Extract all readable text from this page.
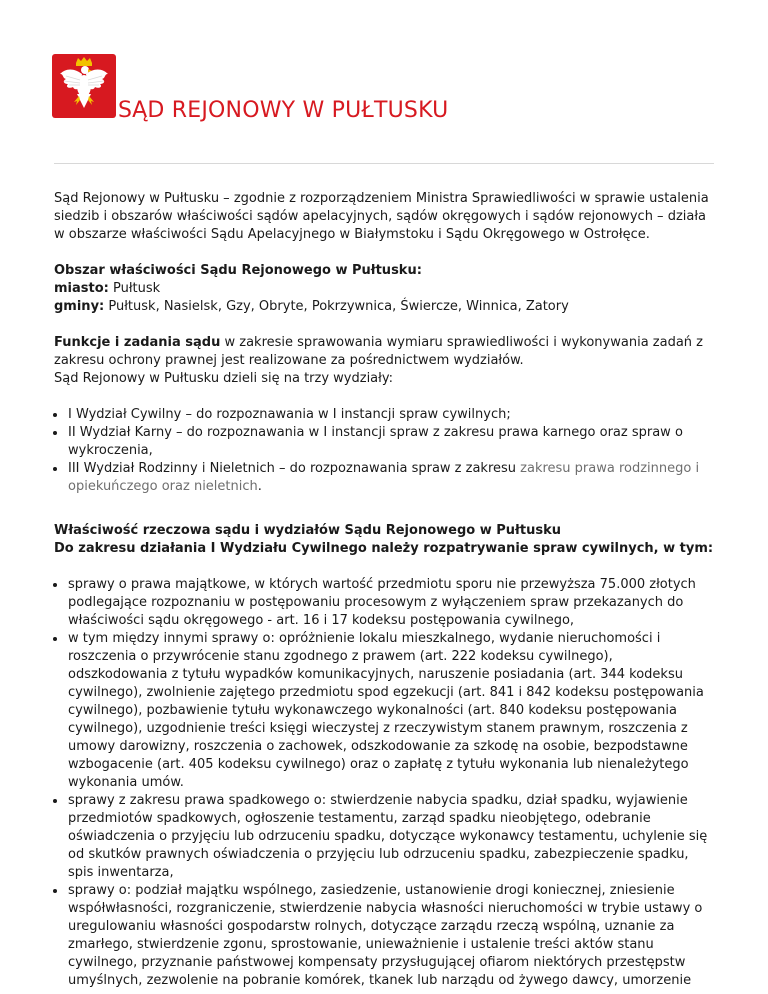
SĄD REJONOWY W PUŁTUSKU

Sąd Rejonowy w Pułtusku – zgodnie z rozporządzeniem Ministra Sprawiedliwości w sprawie ustalenia siedzib i obszarów właściwości sądów apelacyjnych, sądów okręgowych i sądów rejonowych – działa w obszarze właściwości Sądu Apelacyjnego w Białymstoku i Sądu Okręgowego w Ostrołęce.

Obszar właściwości Sądu Rejonowego w Pułtusku:
miasto: Pułtusk
gminy: Pułtusk, Nasielsk, Gzy, Obryte, Pokrzywnica, Świercze, Winnica, Zatory

Funkcje i zadania sądu w zakresie sprawowania wymiaru sprawiedliwości i wykonywania zadań z zakresu ochrony prawnej jest realizowane za pośrednictwem wydziałów.
Sąd Rejonowy w Pułtusku dzieli się na trzy wydziały:

• I Wydział Cywilny – do rozpoznawania w I instancji spraw cywilnych;
• II Wydział Karny – do rozpoznawania w I instancji spraw z zakresu prawa karnego oraz spraw o wykroczenia,
• III Wydział Rodzinny i Nieletnich – do rozpoznawania spraw z zakresu zakresu prawa rodzinnego i opiekuńczego oraz nieletnich.

Właściwość rzeczowa sądu i wydziałów Sądu Rejonowego w Pułtusku
Do zakresu działania I Wydziału Cywilnego należy rozpatrywanie spraw cywilnych, w tym:

• sprawy o prawa majątkowe, w których wartość przedmiotu sporu nie przewyższa 75.000 złotych podlegające rozpoznaniu w postępowaniu procesowym z wyłączeniem spraw przekazanych do właściwości sądu okręgowego - art. 16 i 17 kodeksu postępowania cywilnego,
• w tym między innymi sprawy o: opróżnienie lokalu mieszkalnego, wydanie nieruchomości i roszczenia o przywrócenie stanu zgodnego z prawem (art. 222 kodeksu cywilnego), odszkodowania z tytułu wypadków komunikacyjnych, naruszenie posiadania (art. 344 kodeksu cywilnego), zwolnienie zajętego przedmiotu spod egzekucji (art. 841 i 842 kodeksu postępowania cywilnego), pozbawienie tytułu wykonawczego wykonalności (art. 840 kodeksu postępowania cywilnego), uzgodnienie treści księgi wieczystej z rzeczywistym stanem prawnym, roszczenia z umowy darowizny, roszczenia o zachowek, odszkodowanie za szkodę na osobie, bezpodstawne wzbogacenie (art. 405 kodeksu cywilnego) oraz o zapłatę z tytułu wykonania lub nienależytego wykonania umów.
• sprawy z zakresu prawa spadkowego o: stwierdzenie nabycia spadku, dział spadku, wyjawienie przedmiotów spadkowych, ogłoszenie testamentu, zarząd spadku nieobjętego, odebranie oświadczenia o przyjęciu lub odrzuceniu spadku, dotyczące wykonawcy testamentu, uchylenie się od skutków prawnych oświadczenia o przyjęciu lub odrzuceniu spadku, zabezpieczenie spadku, spis inwentarza,
• sprawy o: podział majątku wspólnego, zasiedzenie, ustanowienie drogi koniecznej, zniesienie współwłasności, rozgraniczenie, stwierdzenie nabycia własności nieruchomości w trybie ustawy o uregulowaniu własności gospodarstw rolnych, dotyczące zarządu rzeczą wspólną, uznanie za zmarłego, stwierdzenie zgonu, sprostowanie, unieważnienie i ustalenie treści aktów stanu cywilnego, przyznanie państwowej kompensaty przysługującej ofiarom niektórych przestępstw umyślnych, zezwolenie na pobranie komórek, tkanek lub narządu od żywego dawcy, umorzenie
